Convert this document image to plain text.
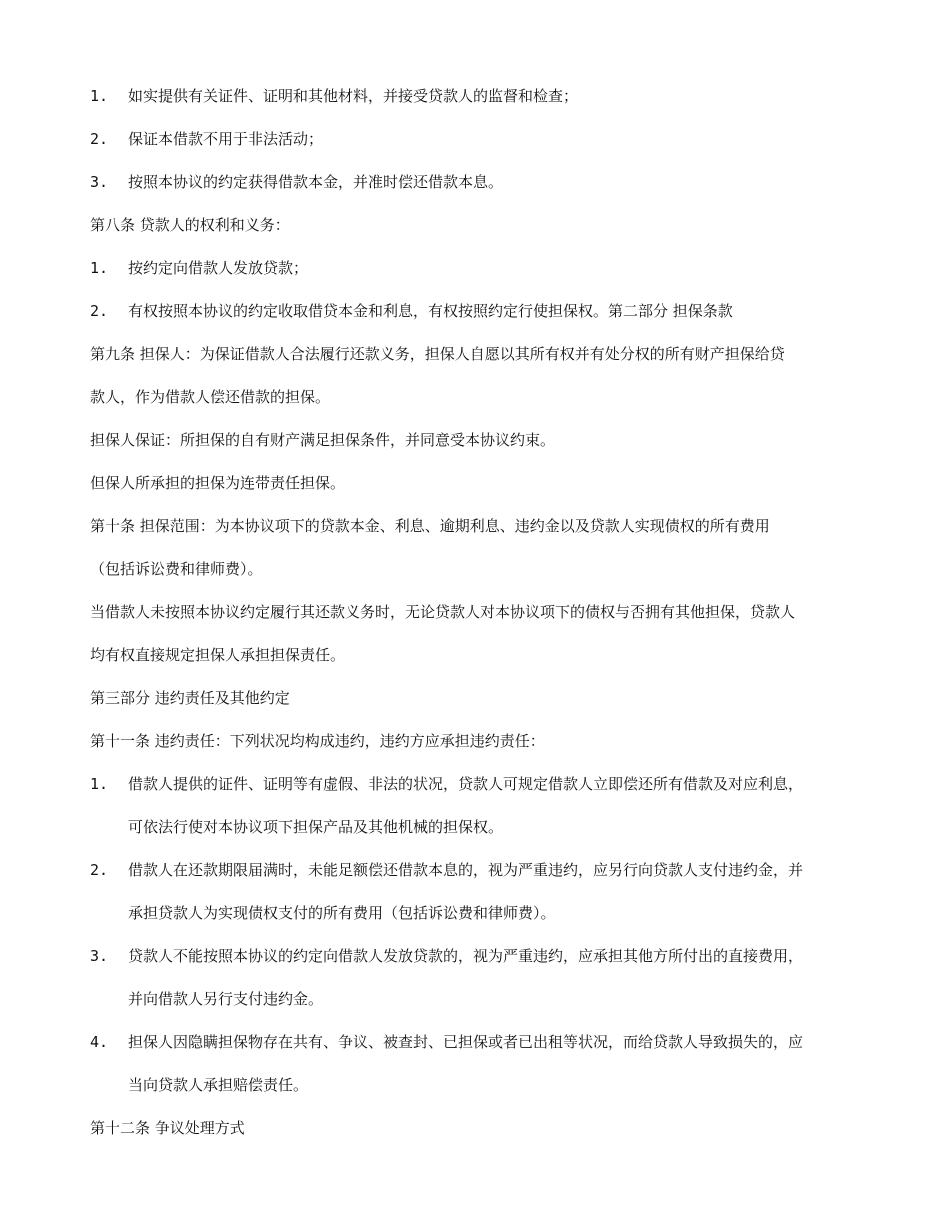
1. 如实提供有关证件、证明和其他材料，并接受贷款人的监督和检查；
2. 保证本借款不用于非法活动；
3. 按照本协议的约定获得借款本金，并准时偿还借款本息。
第八条 贷款人的权利和义务：
1. 按约定向借款人发放贷款；
2. 有权按照本协议的约定收取借贷本金和利息，有权按照约定行使担保权。第二部分 担保条款
第九条 担保人：为保证借款人合法履行还款义务，担保人自愿以其所有权并有处分权的所有财产担保给贷
款人，作为借款人偿还借款的担保。
担保人保证：所担保的自有财产满足担保条件，并同意受本协议约束。
但保人所承担的担保为连带责任担保。
第十条 担保范围：为本协议项下的贷款本金、利息、逾期利息、违约金以及贷款人实现债权的所有费用
（包括诉讼费和律师费）。
当借款人未按照本协议约定履行其还款义务时，无论贷款人对本协议项下的债权与否拥有其他担保，贷款人
均有权直接规定担保人承担担保责任。
第三部分 违约责任及其他约定
第十一条 违约责任：下列状况均构成违约，违约方应承担违约责任：
1. 借款人提供的证件、证明等有虚假、非法的状况，贷款人可规定借款人立即偿还所有借款及对应利息，
可依法行使对本协议项下担保产品及其他机械的担保权。
2. 借款人在还款期限届满时，未能足额偿还借款本息的，视为严重违约，应另行向贷款人支付违约金，并
承担贷款人为实现债权支付的所有费用（包括诉讼费和律师费）。
3. 贷款人不能按照本协议的约定向借款人发放贷款的，视为严重违约，应承担其他方所付出的直接费用，
并向借款人另行支付违约金。
4. 担保人因隐瞒担保物存在共有、争议、被查封、已担保或者已出租等状况，而给贷款人导致损失的，应
当向贷款人承担赔偿责任。
第十二条 争议处理方式
